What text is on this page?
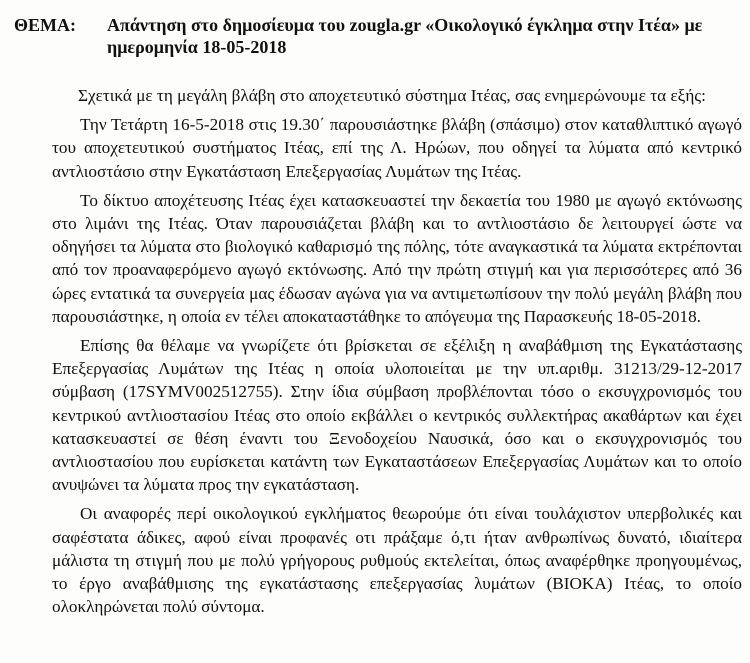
ΘΕΜΑ: Απάντηση στο δημοσίευμα του zougla.gr «Οικολογικό έγκλημα στην Ιτέα» με ημερομηνία 18-05-2018

Σχετικά με τη μεγάλη βλάβη στο αποχετευτικό σύστημα Ιτέας, σας ενημερώνουμε τα εξής:

Την Τετάρτη 16-5-2018 στις 19.30΄ παρουσιάστηκε βλάβη (σπάσιμο) στον καταθλιπτικό αγωγό του αποχετευτικού συστήματος Ιτέας, επί της Λ. Ηρώων, που οδηγεί τα λύματα από κεντρικό αντλιοστάσιο στην Εγκατάσταση Επεξεργασίας Λυμάτων της Ιτέας.

Το δίκτυο αποχέτευσης Ιτέας έχει κατασκευαστεί την δεκαετία του 1980 με αγωγό εκτόνωσης στο λιμάνι της Ιτέας. Όταν παρουσιάζεται βλάβη και το αντλιοστάσιο δε λειτουργεί ώστε να οδηγήσει τα λύματα στο βιολογικό καθαρισμό της πόλης, τότε αναγκαστικά τα λύματα εκτρέπονται από τον προαναφερόμενο αγωγό εκτόνωσης. Από την πρώτη στιγμή και για περισσότερες από 36 ώρες εντατικά τα συνεργεία μας έδωσαν αγώνα για να αντιμετωπίσουν την πολύ μεγάλη βλάβη που παρουσιάστηκε, η οποία εν τέλει αποκαταστάθηκε το απόγευμα της Παρασκευής 18-05-2018.

Επίσης θα θέλαμε να γνωρίζετε ότι βρίσκεται σε εξέλιξη η αναβάθμιση της Εγκατάστασης Επεξεργασίας Λυμάτων της Ιτέας η οποία υλοποιείται με την υπ.αριθμ. 31213/29-12-2017 σύμβαση (17SYMV002512755). Στην ίδια σύμβαση προβλέπονται τόσο ο εκσυγχρονισμός του κεντρικού αντλιοστασίου Ιτέας στο οποίο εκβάλλει ο κεντρικός συλλεκτήρας ακαθάρτων και έχει κατασκευαστεί σε θέση έναντι του Ξενοδοχείου Ναυσικά, όσο και ο εκσυγχρονισμός του αντλιοστασίου που ευρίσκεται κατάντη των Εγκαταστάσεων Επεξεργασίας Λυμάτων και το οποίο ανυψώνει τα λύματα προς την εγκατάσταση.

Οι αναφορές περί οικολογικού εγκλήματος θεωρούμε ότι είναι τουλάχιστον υπερβολικές και σαφέστατα άδικες, αφού είναι προφανές οτι πράξαμε ό,τι ήταν ανθρωπίνως δυνατό, ιδιαίτερα μάλιστα τη στιγμή που με πολύ γρήγορους ρυθμούς εκτελείται, όπως αναφέρθηκε προηγουμένως, το έργο αναβάθμισης της εγκατάστασης επεξεργασίας λυμάτων (ΒΙΟΚΑ) Ιτέας, το οποίο ολοκληρώνεται πολύ σύντομα.
